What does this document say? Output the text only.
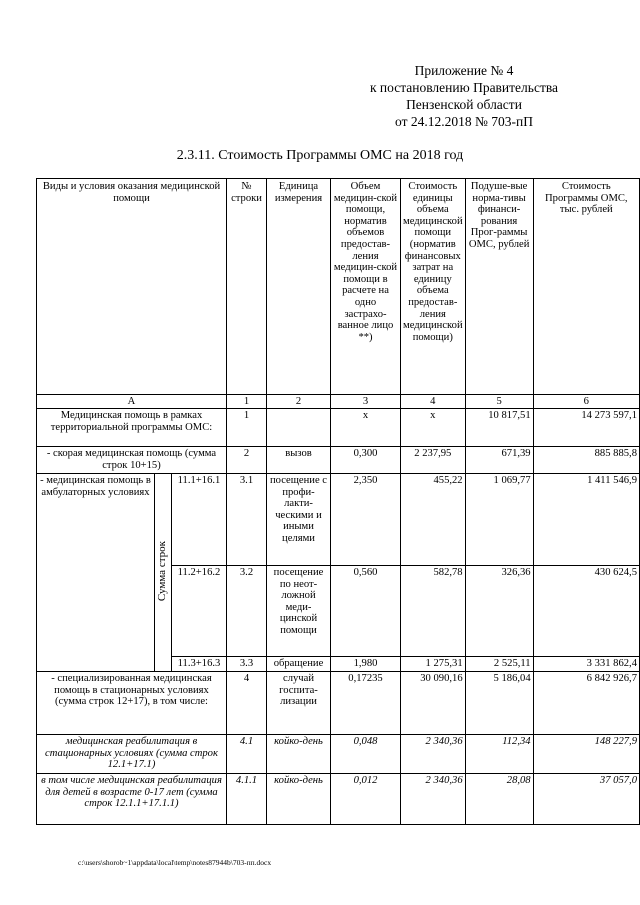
Приложение № 4
к постановлению Правительства
Пензенской области
от 24.12.2018 № 703-пП
2.3.11. Стоимость Программы ОМС на 2018 год
Виды и условия оказания медицинской помощи			№ строки	Единица измерения	Объем медицин-ской помощи, норматив объемов предостав-ления медицин-ской помощи в расчете на одно застрахо-ванное лицо **)	Стоимость единицы объема медицинской помощи (норматив финансовых затрат на единицу объема предостав-ления медицинской помощи)	Подуше-вые норма-тивы финанси-рования Прог-раммы ОМС, рублей	Стоимость Программы ОМС, тыс. рублей
А			1	2	3	4	5	6
Медицинская помощь в рамках территориальной программы ОМС:			1		х	х	10 817,51	14 273 597,1
- скорая медицинская помощь (сумма строк 10+15)			2	вызов	0,300	2 237,95	671,39	885 885,8
- медицинская помощь в амбулаторных условиях	Сумма строк	11.1+16.1	3.1	посещение с профи-лакти-ческими и иными целями	2,350	455,22	1 069,77	1 411 546,9
		11.2+16.2	3.2	посещение по неот-ложной меди-цинской помощи	0,560	582,78	326,36	430 624,5
		11.3+16.3	3.3	обращение	1,980	1 275,31	2 525,11	3 331 862,4
- специализированная медицинская помощь в стационарных условиях (сумма строк 12+17), в том числе:			4	случай госпита-лизации	0,17235	30 090,16	5 186,04	6 842 926,7
медицинская реабилитация в стационарных условиях (сумма строк 12.1+17.1)			4.1	койко-день	0,048	2 340,36	112,34	148 227,9
в том числе медицинская реабилитация для детей в возрасте 0-17 лет (сумма строк 12.1.1+17.1.1)			4.1.1	койко-день	0,012	2 340,36	28,08	37 057,0
c:\users\shorob~1\appdata\local\temp\notes87944b\703-пп.docx
